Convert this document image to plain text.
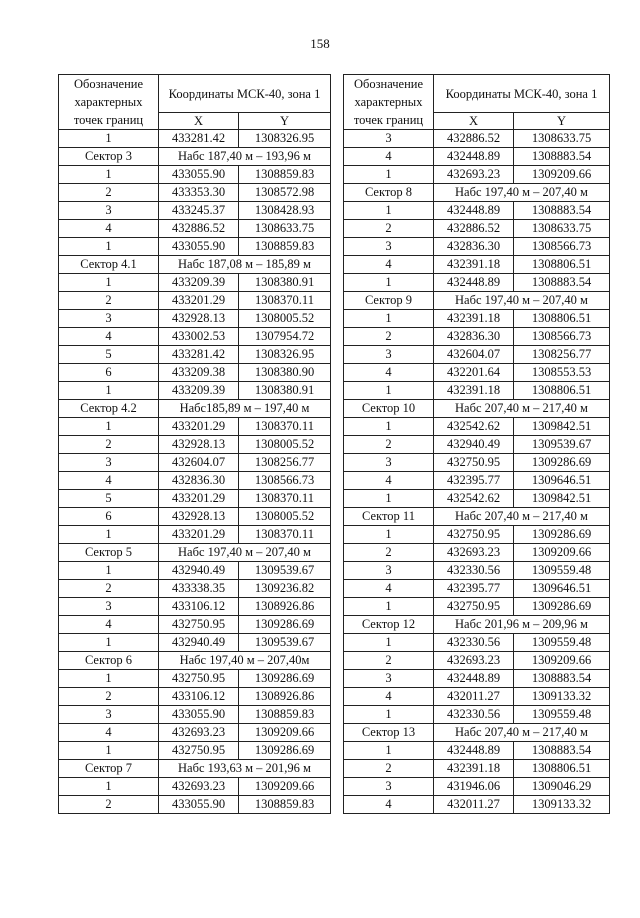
158
Обозначение характерных точек границ	Координаты МСК-40, зона 1	
	X	Y
1	433281.42	1308326.95
Сектор 3	Набс 187,40 м – 193,96 м	
1	433055.90	1308859.83
2	433353.30	1308572.98
3	433245.37	1308428.93
4	432886.52	1308633.75
1	433055.90	1308859.83
Сектор 4.1	Набс 187,08 м – 185,89 м	
1	433209.39	1308380.91
2	433201.29	1308370.11
3	432928.13	1308005.52
4	433002.53	1307954.72
5	433281.42	1308326.95
6	433209.38	1308380.90
1	433209.39	1308380.91
Сектор 4.2	Набс185,89 м – 197,40 м	
1	433201.29	1308370.11
2	432928.13	1308005.52
3	432604.07	1308256.77
4	432836.30	1308566.73
5	433201.29	1308370.11
6	432928.13	1308005.52
1	433201.29	1308370.11
Сектор 5	Набс 197,40 м – 207,40 м	
1	432940.49	1309539.67
2	433338.35	1309236.82
3	433106.12	1308926.86
4	432750.95	1309286.69
1	432940.49	1309539.67
Сектор 6	Набс 197,40 м – 207,40м	
1	432750.95	1309286.69
2	433106.12	1308926.86
3	433055.90	1308859.83
4	432693.23	1309209.66
1	432750.95	1309286.69
Сектор 7	Набс 193,63 м – 201,96 м	
1	432693.23	1309209.66
2	433055.90	1308859.83
Обозначение характерных точек границ	Координаты МСК-40, зона 1	
	X	Y
3	432886.52	1308633.75
4	432448.89	1308883.54
1	432693.23	1309209.66
Сектор 8	Набс 197,40 м – 207,40 м	
1	432448.89	1308883.54
2	432886.52	1308633.75
3	432836.30	1308566.73
4	432391.18	1308806.51
1	432448.89	1308883.54
Сектор 9	Набс 197,40 м – 207,40 м	
1	432391.18	1308806.51
2	432836.30	1308566.73
3	432604.07	1308256.77
4	432201.64	1308553.53
1	432391.18	1308806.51
Сектор 10	Набс 207,40 м – 217,40 м	
1	432542.62	1309842.51
2	432940.49	1309539.67
3	432750.95	1309286.69
4	432395.77	1309646.51
1	432542.62	1309842.51
Сектор 11	Набс 207,40 м – 217,40 м	
1	432750.95	1309286.69
2	432693.23	1309209.66
3	432330.56	1309559.48
4	432395.77	1309646.51
1	432750.95	1309286.69
Сектор 12	Набс 201,96 м – 209,96 м	
1	432330.56	1309559.48
2	432693.23	1309209.66
3	432448.89	1308883.54
4	432011.27	1309133.32
1	432330.56	1309559.48
Сектор 13	Набс 207,40 м – 217,40 м	
1	432448.89	1308883.54
2	432391.18	1308806.51
3	431946.06	1309046.29
4	432011.27	1309133.32
